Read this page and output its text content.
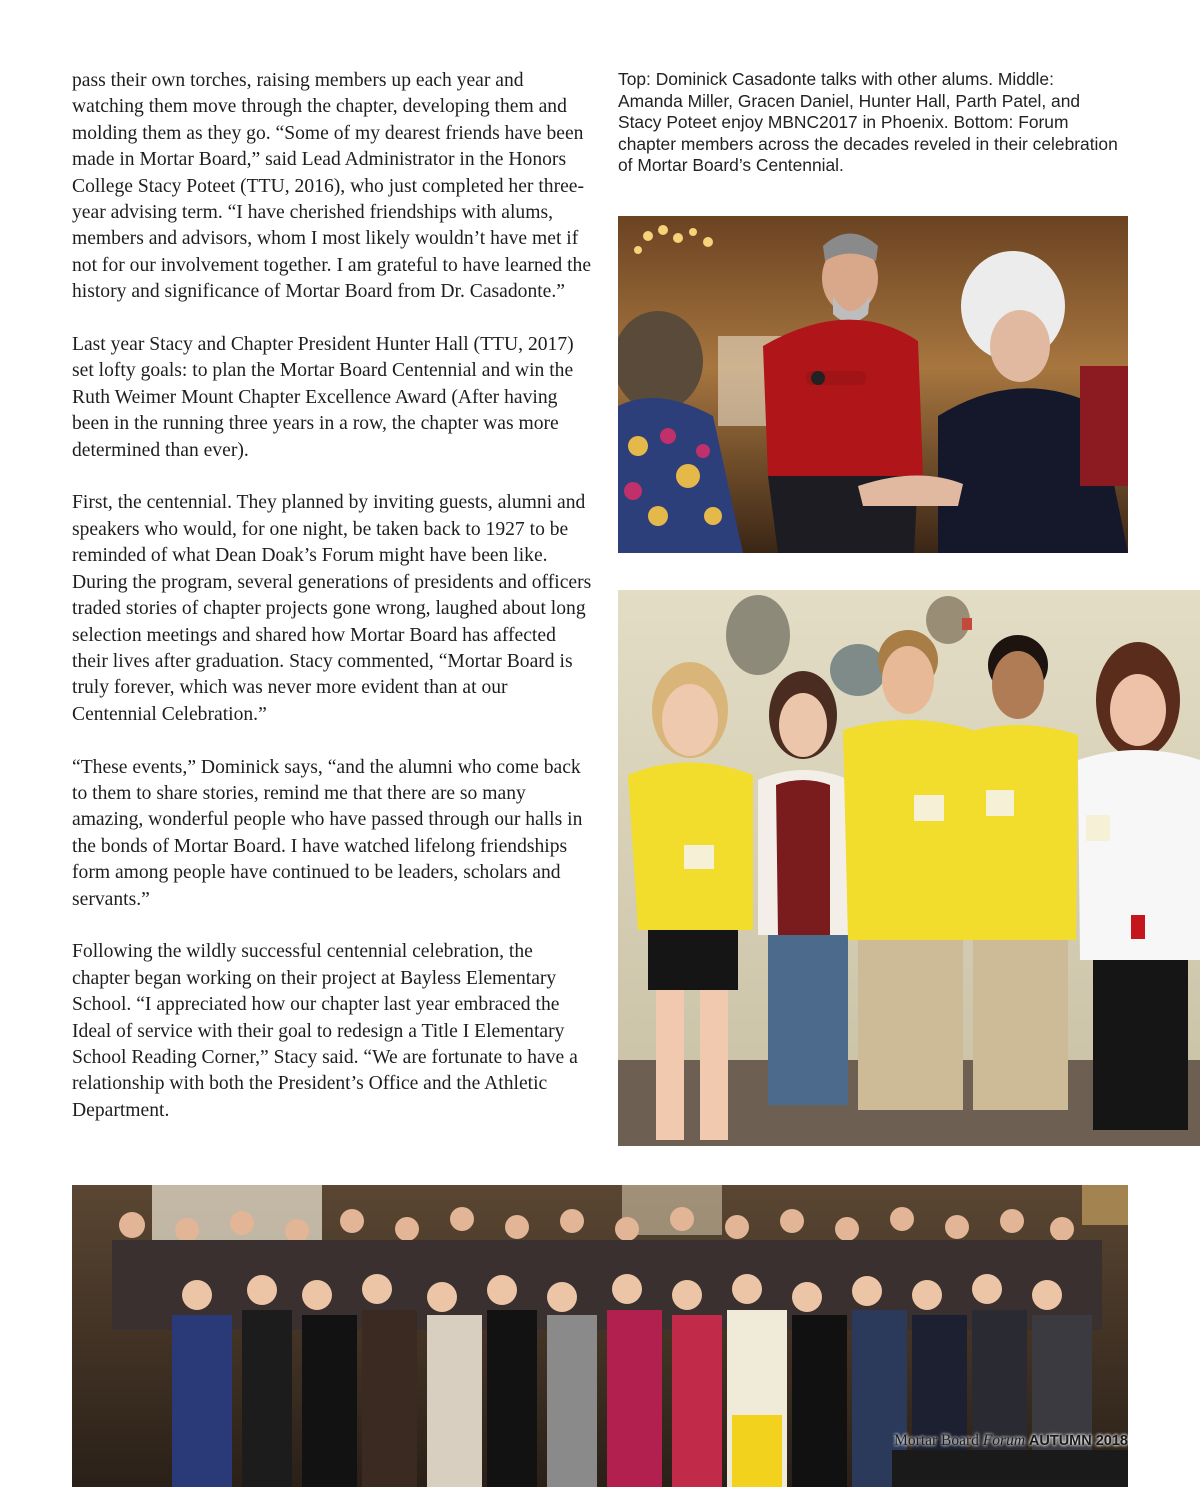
pass their own torches, raising members up each year and watching them move through the chapter, developing them and molding them as they go. “Some of my dearest friends have been made in Mortar Board,” said Lead Administrator in the Honors College Stacy Poteet (TTU, 2016), who just completed her three-year advising term. “I have cherished friendships with alums, members and advisors, whom I most likely wouldn’t have met if not for our involvement together. I am grateful to have learned the history and significance of Mortar Board from Dr. Casadonte.”

Last year Stacy and Chapter President Hunter Hall (TTU, 2017) set lofty goals: to plan the Mortar Board Centennial and win the Ruth Weimer Mount Chapter Excellence Award (After having been in the running three years in a row, the chapter was more determined than ever).

First, the centennial. They planned by inviting guests, alumni and speakers who would, for one night, be taken back to 1927 to be reminded of what Dean Doak’s Forum might have been like. During the program, several generations of presidents and officers traded stories of chapter projects gone wrong, laughed about long selection meetings and shared how Mortar Board has affected their lives after graduation. Stacy commented, “Mortar Board is truly forever, which was never more evident than at our Centennial Celebration.”

“These events,” Dominick says, “and the alumni who come back to them to share stories, remind me that there are so many amazing, wonderful people who have passed through our halls in the bonds of Mortar Board. I have watched lifelong friendships form among people have continued to be leaders, scholars and servants.”

Following the wildly successful centennial celebration, the chapter began working on their project at Bayless Elementary School. “I appreciated how our chapter last year embraced the Ideal of service with their goal to redesign a Title I Elementary School Reading Corner,” Stacy said. “We are fortunate to have a relationship with both the President’s Office and the Athletic Department.

Top: Dominick Casadonte talks with other alums. Middle: Amanda Miller, Gracen Daniel, Hunter Hall, Parth Patel, and Stacy Poteet enjoy MBNC2017 in Phoenix. Bottom: Forum chapter members across the decades reveled in their celebration of Mortar Board’s Centennial.
Mortar Board Forum AUTUMN 2018
